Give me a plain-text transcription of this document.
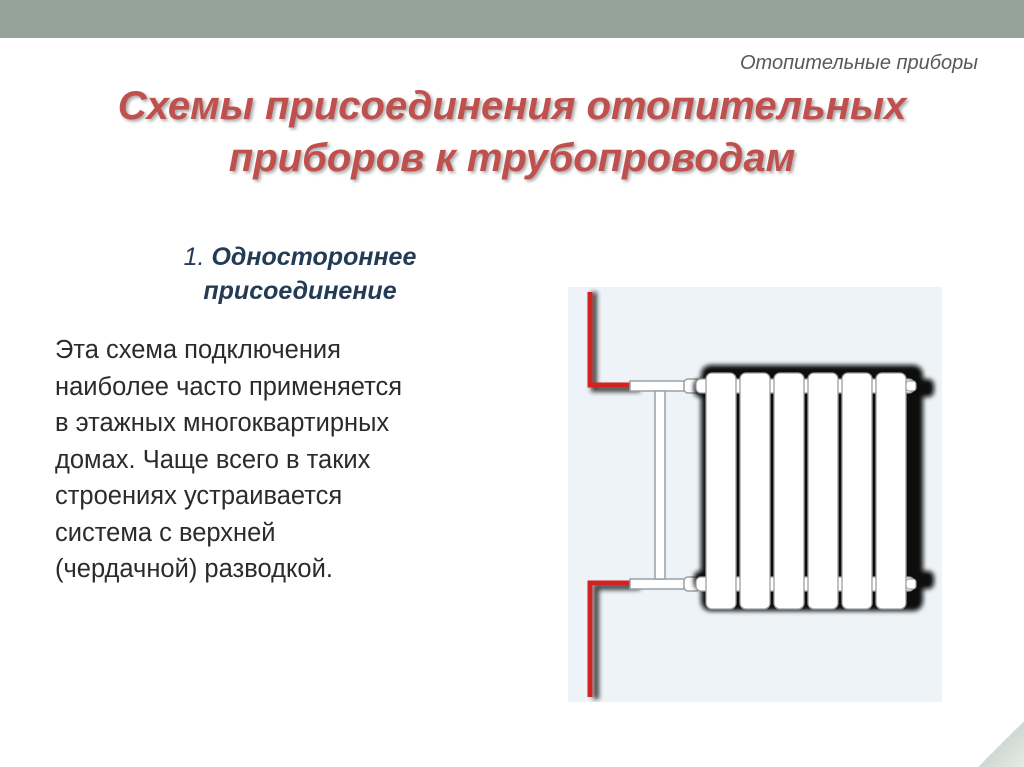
Отопительные приборы
Схемы присоединения отопительных приборов к трубопроводам
1. Одностороннее присоединение
Эта схема подключения
наиболее часто применяется
в этажных многоквартирных
домах. Чаще всего в таких
строениях устраивается
система с верхней
(чердачной) разводкой.
